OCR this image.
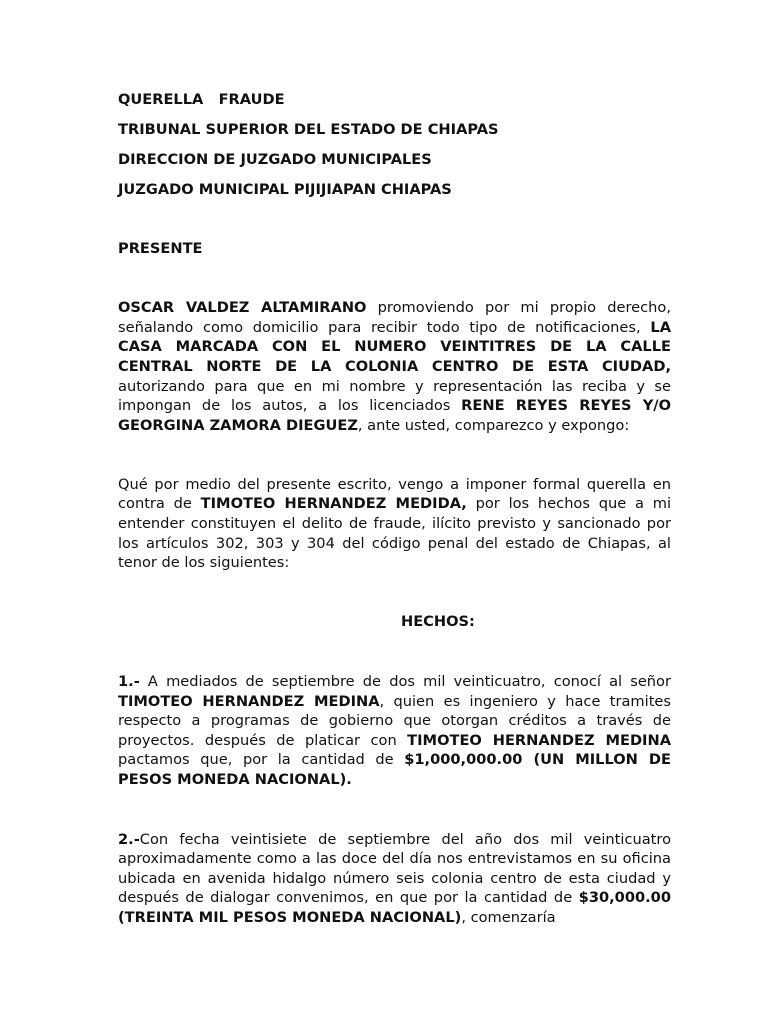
QUERELLA   FRAUDE
TRIBUNAL SUPERIOR DEL ESTADO DE CHIAPAS
DIRECCION DE JUZGADO MUNICIPALES
JUZGADO MUNICIPAL PIJIJIAPAN CHIAPAS
PRESENTE

OSCAR VALDEZ ALTAMIRANO promoviendo por mi propio derecho, señalando como domicilio para recibir todo tipo de notificaciones, LA CASA MARCADA CON EL NUMERO VEINTITRES DE LA CALLE CENTRAL NORTE DE LA COLONIA CENTRO DE ESTA CIUDAD, autorizando para que en mi nombre y representación las reciba y se impongan de los autos, a los licenciados RENE REYES REYES Y/O GEORGINA ZAMORA DIEGUEZ, ante usted, comparezco y expongo:

Qué por medio del presente escrito, vengo a imponer formal querella en contra de TIMOTEO HERNANDEZ MEDIDA, por los hechos que a mi entender constituyen el delito de fraude, ilícito previsto y sancionado por los artículos 302, 303 y 304 del código penal del estado de Chiapas, al tenor de los siguientes:

HECHOS:

1.- A mediados de septiembre de dos mil veinticuatro, conocí al señor TIMOTEO HERNANDEZ MEDINA, quien es ingeniero y hace tramites respecto a programas de gobierno que otorgan créditos a través de proyectos. después de platicar con TIMOTEO HERNANDEZ MEDINA pactamos que, por la cantidad de $1,000,000.00 (UN MILLON DE PESOS MONEDA NACIONAL).

2.-Con fecha veintisiete de septiembre del año dos mil veinticuatro aproximadamente como a las doce del día nos entrevistamos en su oficina ubicada en avenida hidalgo número seis colonia centro de esta ciudad y después de dialogar convenimos, en que por la cantidad de $30,000.00 (TREINTA MIL PESOS MONEDA NACIONAL), comenzaría
